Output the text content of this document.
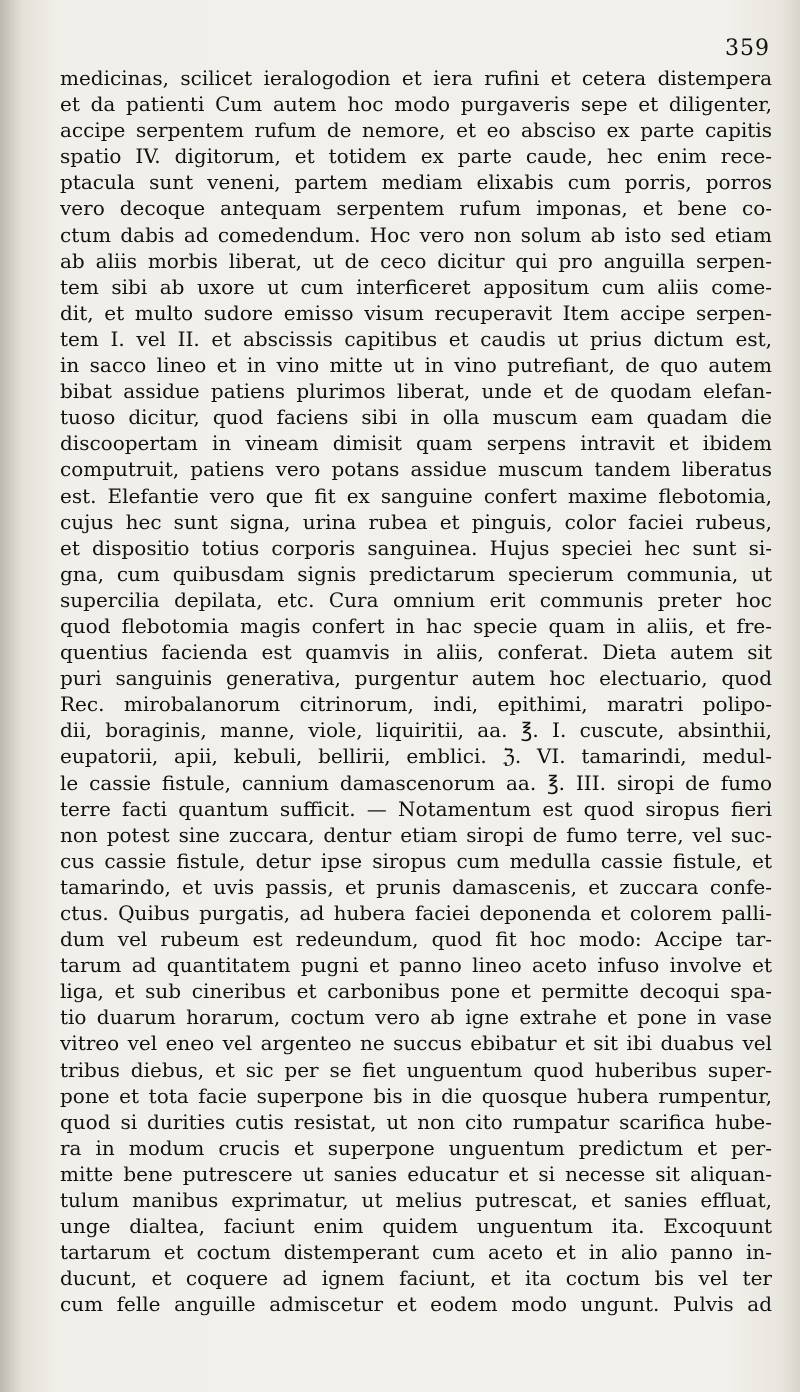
359
medicinas, scilicet ieralogodion et iera rufini et cetera distempera
et da patienti Cum autem hoc modo purgaveris sepe et diligenter,
accipe serpentem rufum de nemore, et eo absciso ex parte capitis
spatio IV. digitorum, et totidem ex parte caude, hec enim rece-
ptacula sunt veneni, partem mediam elixabis cum porris, porros
vero decoque antequam serpentem rufum imponas, et bene co-
ctum dabis ad comedendum. Hoc vero non solum ab isto sed etiam
ab aliis morbis liberat, ut de ceco dicitur qui pro anguilla serpen-
tem sibi ab uxore ut cum interficeret appositum cum aliis come-
dit, et multo sudore emisso visum recuperavit Item accipe serpen-
tem I. vel II. et abscissis capitibus et caudis ut prius dictum est,
in sacco lineo et in vino mitte ut in vino putrefiant, de quo autem
bibat assidue patiens plurimos liberat, unde et de quodam elefan-
tuoso dicitur, quod faciens sibi in olla muscum eam quadam die
discoopertam in vineam dimisit quam serpens intravit et ibidem
computruit, patiens vero potans assidue muscum tandem liberatus
est. Elefantie vero que fit ex sanguine confert maxime flebotomia,
cujus hec sunt signa, urina rubea et pinguis, color faciei rubeus,
et dispositio totius corporis sanguinea. Hujus speciei hec sunt si-
gna, cum quibusdam signis predictarum specierum communia, ut
supercilia depilata, etc. Cura omnium erit communis preter hoc
quod flebotomia magis confert in hac specie quam in aliis, et fre-
quentius facienda est quamvis in aliis, conferat. Dieta autem sit
puri sanguinis generativa, purgentur autem hoc electuario, quod
Rec. mirobalanorum citrinorum, indi, epithimi, maratri polipo-
dii, boraginis, manne, viole, liquiritii, aa. ℥. I. cuscute, absinthii,
eupatorii, apii, kebuli, bellirii, emblici. ℨ. VI. tamarindi, medul-
le cassie fistule, cannium damascenorum aa. ℥. III. siropi de fumo
terre facti quantum sufficit. — Notamentum est quod siropus fieri
non potest sine zuccara, dentur etiam siropi de fumo terre, vel suc-
cus cassie fistule, detur ipse siropus cum medulla cassie fistule, et
tamarindo, et uvis passis, et prunis damascenis, et zuccara confe-
ctus. Quibus purgatis, ad hubera faciei deponenda et colorem palli-
dum vel rubeum est redeundum, quod fit hoc modo: Accipe tar-
tarum ad quantitatem pugni et panno lineo aceto infuso involve et
liga, et sub cineribus et carbonibus pone et permitte decoqui spa-
tio duarum horarum, coctum vero ab igne extrahe et pone in vase
vitreo vel eneo vel argenteo ne succus ebibatur et sit ibi duabus vel
tribus diebus, et sic per se fiet unguentum quod huberibus super-
pone et tota facie superpone bis in die quosque hubera rumpentur,
quod si durities cutis resistat, ut non cito rumpatur scarifica hube-
ra in modum crucis et superpone unguentum predictum et per-
mitte bene putrescere ut sanies educatur et si necesse sit aliquan-
tulum manibus exprimatur, ut melius putrescat, et sanies effluat,
unge dialtea, faciunt enim quidem unguentum ita. Excoquunt
tartarum et coctum distemperant cum aceto et in alio panno in-
ducunt, et coquere ad ignem faciunt, et ita coctum bis vel ter
cum felle anguille admiscetur et eodem modo ungunt. Pulvis ad
